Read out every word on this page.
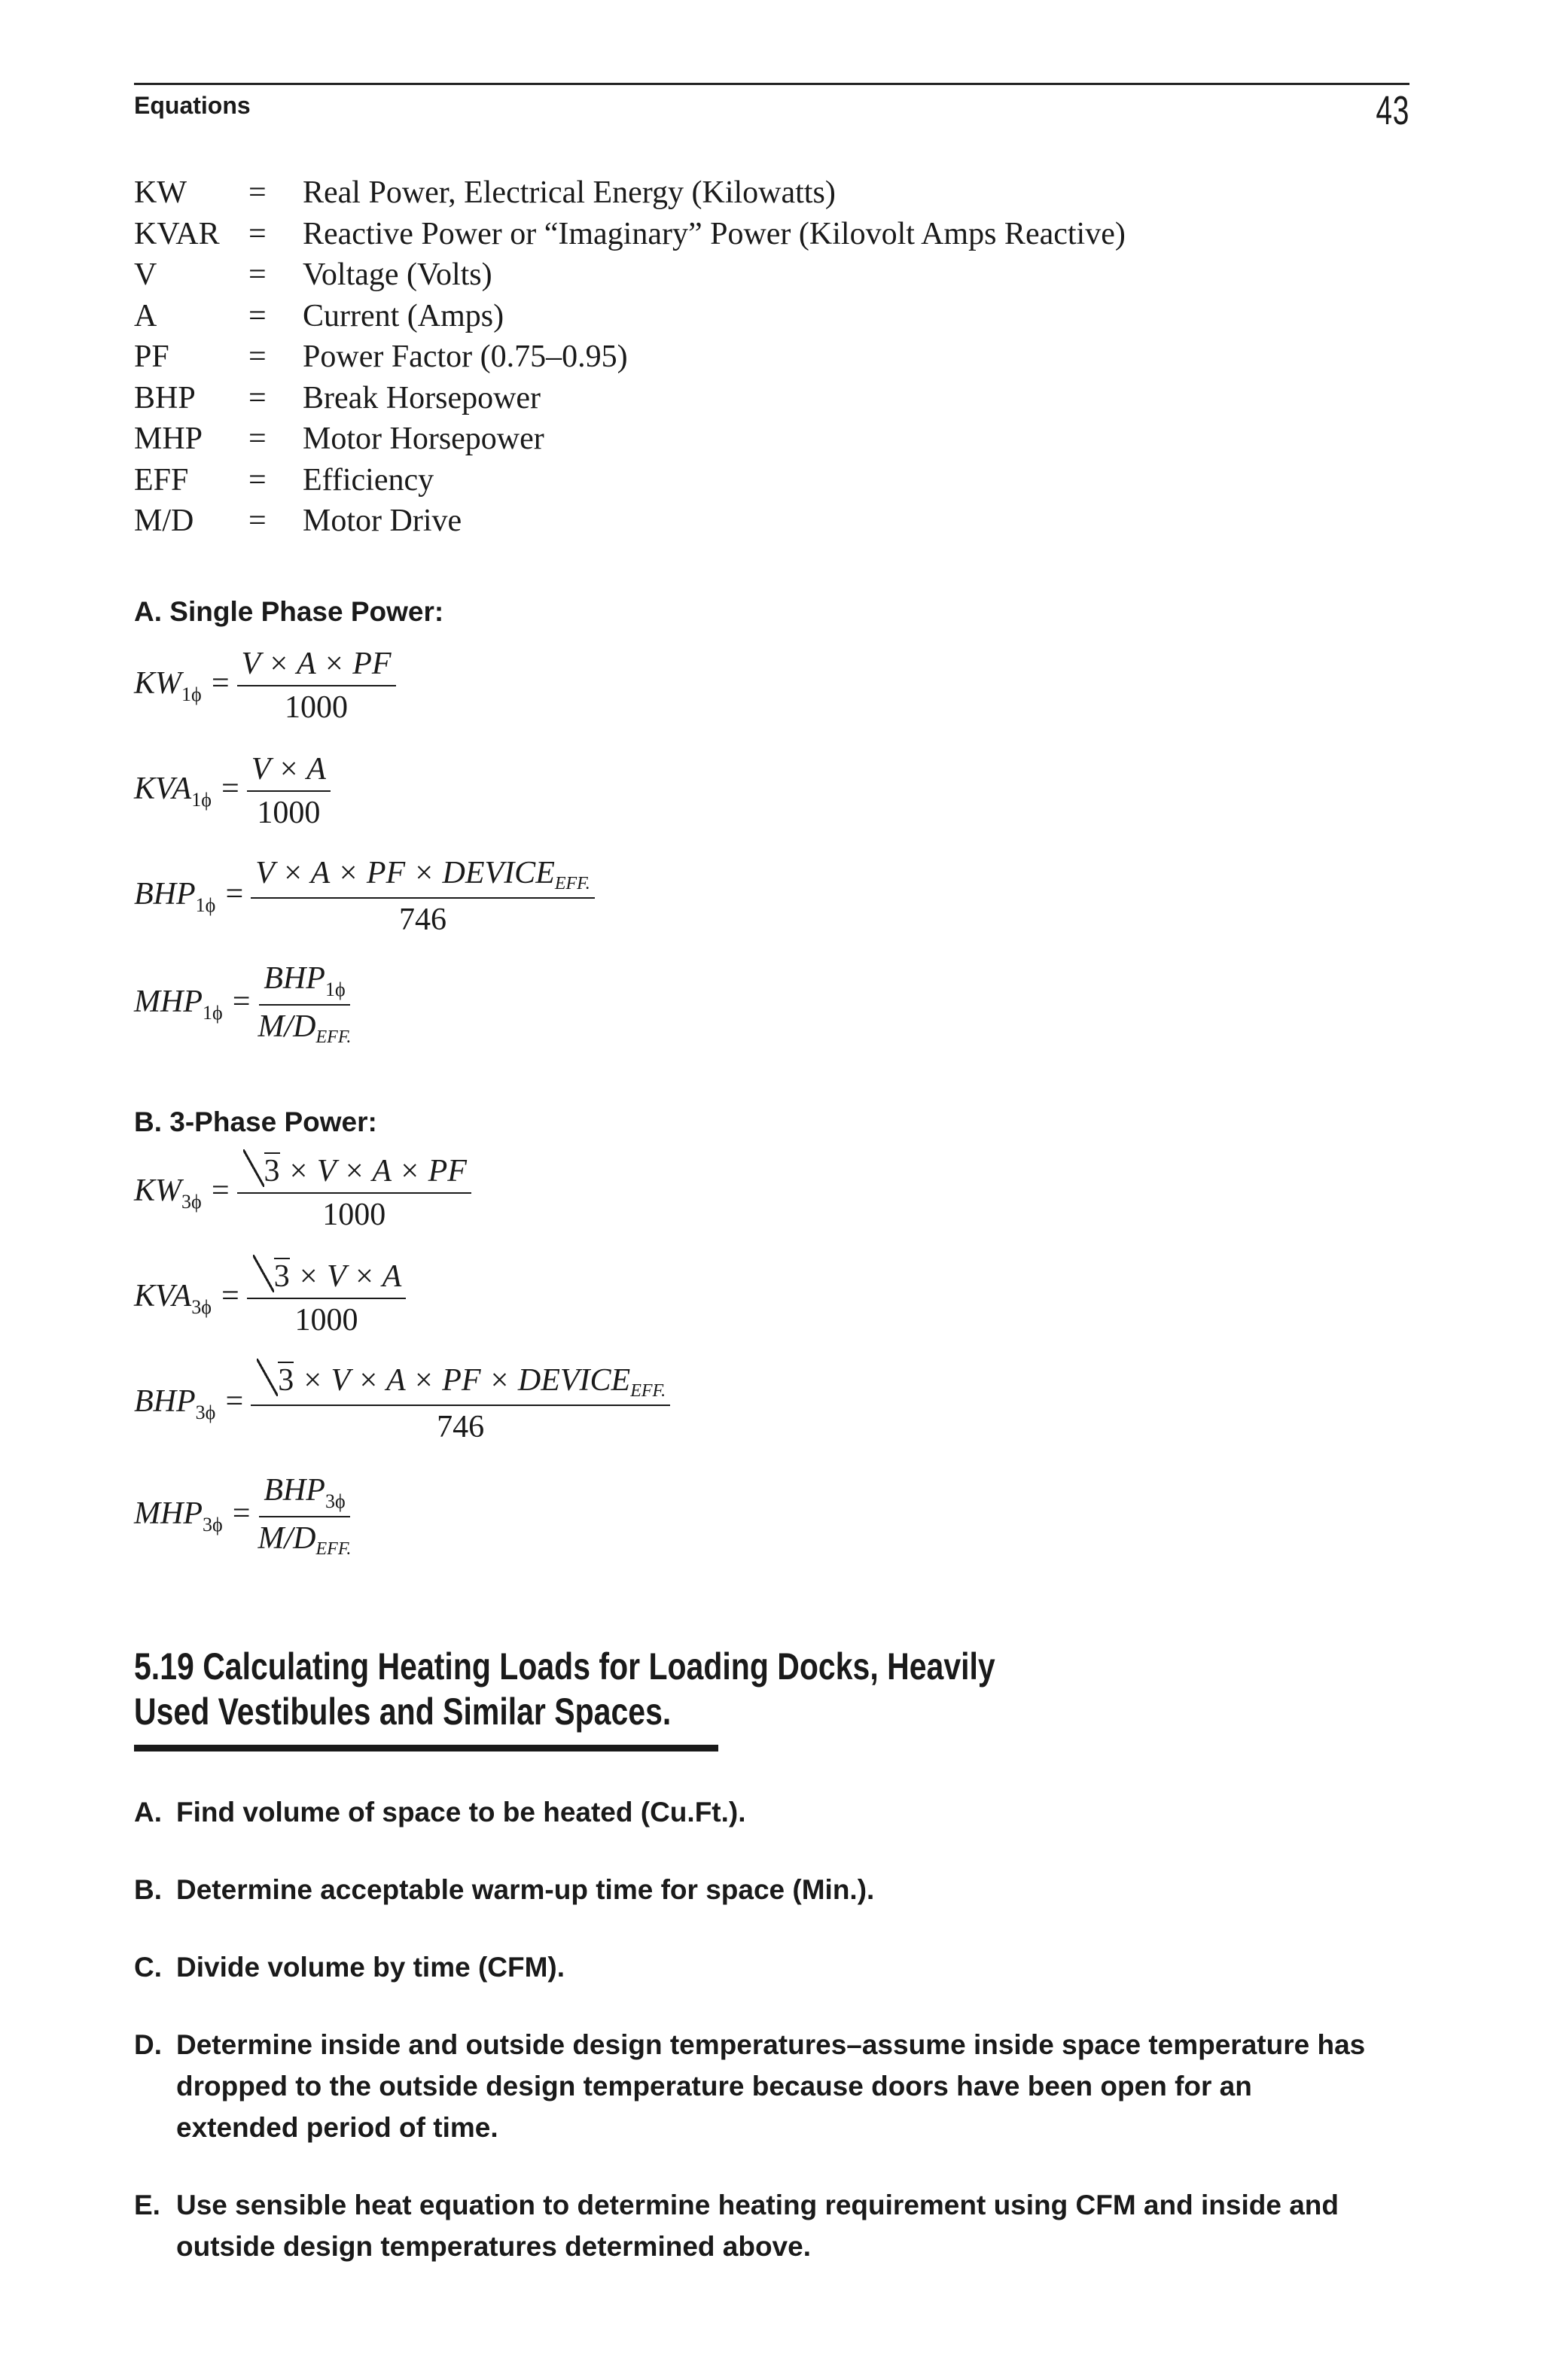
Equations	43
KW = Real Power, Electrical Energy (Kilowatts)
KVAR = Reactive Power or “Imaginary” Power (Kilovolt Amps Reactive)
V	= Voltage (Volts)
A	= Current (Amps)
PF	= Power Factor (0.75–0.95)
BHP = Break Horsepower
MHP = Motor Horsepower
EFF = Efficiency
M/D = Motor Drive
A. Single Phase Power:
$KW_{1\phi} = \frac{V \times A \times PF}{1000}$
$KVA_{1\phi} = \frac{V \times A}{1000}$
$BHP_{1\phi} = \frac{\text{V × A × PF × DEVICEEFF.}}{746}$
$MHP_{1\phi} = \frac{BHP_{1\phi}}{\text{M/DEFF.}}$
B. 3-Phase Power:
$KW_{3\phi} = \frac{3 \times V \times A \times PF}{1000}$
$KVA_{3\phi} = \frac{3 \times V \times A}{1000}$
$BHP_{3\phi} = \frac{\text{3 × V × A × PF × DEVICEEFF.}}{746}$
$MHP_{3\phi} = \frac{BHP_{3\phi}}{\text{M/DEFF.}}$
5.19 Calculating Heating Loads for Loading Docks, Heavily
Used Vestibules and Similar Spaces.
A. Find volume of space to be heated (Cu.Ft.).
B. Determine acceptable warm-up time for space (Min.).
C. Divide volume by time (CFM).
D. Determine inside and outside design temperatures–assume inside space temperature has dropped to the outside design temperature because doors have been open for an extended period of time.
E. Use sensible heat equation to determine heating requirement using CFM and inside and outside design temperatures determined above.
